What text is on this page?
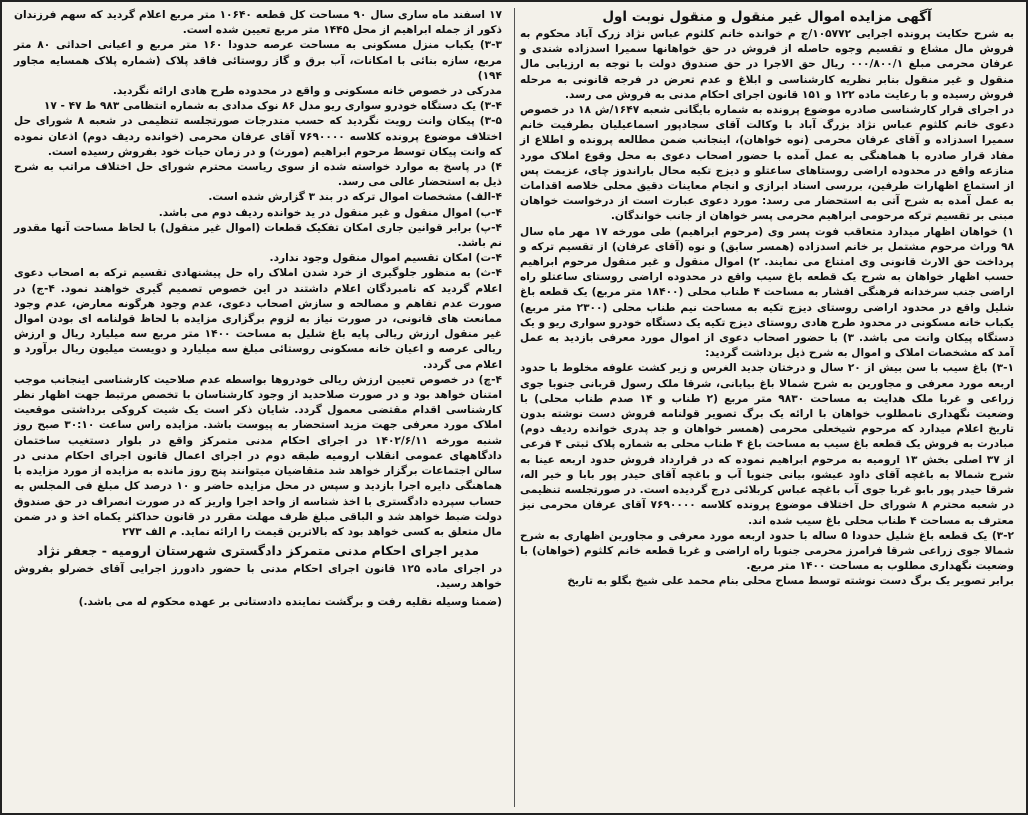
آگهی مزایده اموال غیر منقول و منقول نوبت اول

به شرح حکایت پرونده اجرایی ۱۰۵۷۷۲/ج م خوانده خانم کلثوم عباس نژاد زرک آباد محکوم به فروش مال مشاع و تقسیم وجوه حاصله از فروش در حق خواهانها سمیرا اسدزاده شندی و عرفان محرمی مبلغ ۰۰۰/۸۰۰/۱ ریال حق الاجرا در حق صندوق دولت با توجه به ارزیابی مال منقول و غیر منقول بنابر نظریه کارشناسی و ابلاغ و عدم تعرض در فرجه قانونی به مرحله فروش رسیده و با رعایت ماده ۱۲۲ و ۱۵۱ قانون اجرای احکام مدنی به فروش می رسد.

در اجرای قرار کارشناسی صادره موضوع پرونده به شماره بایگانی شعبه ۱۶۴۷/ش ۱۸ در خصوص دعوی خانم کلثوم عباس نژاد بزرگ آباد با وکالت آقای سجادپور اسماعیلیان بطرفیت خانم سمیرا اسدزاده و آقای عرفان محرمی (نوه خواهان)، اینجانب ضمن مطالعه پرونده و اطلاع از مفاد قرار صادره با هماهنگی به عمل آمده با حضور اصحاب دعوی به محل وقوع املاک مورد منازعه واقع در محدوده اراضی روستاهای ساعتلو و دیزج تکیه محال باراندوز چای، عزیمت پس از استماع اظهارات طرفین، بررسی اسناد ابرازی و انجام معاینات دقیق محلی خلاصه اقدامات به عمل آمده به شرح آتی به استحضار می رسد: مورد دعوی عبارت است از درخواست خواهان مبنی بر تقسیم ترکه مرحومی ابراهیم محرمی پسر خواهان از جانب خواندگان.

۱) خواهان اظهار میدارد متعاقب فوت پسر وی (مرحوم ابراهیم) طی مورخه ۱۷ مهر ماه سال ۹۸ وراث مرحوم مشتمل بر خانم اسدزاده (همسر سابق) و نوه (آقای عرفان) از تقسیم ترکه و پرداخت حق الارث قانونی وی امتناع می نمایند. ۲) اموال منقول و غیر منقول مرحوم ابراهیم حسب اظهار خواهان به شرح یک قطعه باغ سیب واقع در محدوده اراضی روستای ساعتلو راه اراضی جنب سرخدانه فرهنگی افشار به مساحت ۴ طناب محلی (۱۸۴۰۰ متر مربع) یک قطعه باغ شلیل واقع در محدود اراضی روستای دیزج تکیه به مساحت نیم طناب محلی (۲۳۰۰ متر مربع) یکباب خانه مسکونی در محدود طرح هادی روستای دیزج تکیه یک دستگاه خودرو سواری ریو و یک دستگاه پیکان وانت می باشد. ۳) با حضور اصحاب دعوی از اموال مورد معرفی بازدید به عمل آمد که مشخصات املاک و اموال به شرح ذیل برداشت گردید:

۳-۱) باغ سیب با سن بیش از ۲۰ سال و درختان جدید الغرس و زیر کشت علوفه مخلوط با حدود اربعه مورد معرفی و مجاورین به شرح شمالا باغ بیابانی، شرقا ملک رسول قربانی جنوبا جوی زراعی و غربا ملک هدایت به مساحت ۹۸۳۰ متر مربع (۲ طناب و ۱۴ صدم طناب محلی) با وضعیت نگهداری نامطلوب خواهان با ارائه یک برگ تصویر قولنامه فروش دست نوشته بدون تاریخ اعلام میدارد که مرحوم شیخعلی محرمی (همسر خواهان و جد پدری خوانده ردیف دوم) مبادرت به فروش یک قطعه باغ سیب به مساحت باغ ۴ طناب محلی به شماره پلاک ثبتی ۴ فرعی از ۳۷ اصلی بخش ۱۳ ارومیه به مرحوم ابراهیم نموده که در قرارداد فروش حدود اربعه عینا به شرح شمالا به باغچه آقای داود عیشو، بیانی جنوبا آب و باغچه آقای حیدر پور بابا و خیر اله، شرقا حیدر پور بابو غربا جوی آب باغچه عباس کربلائی درج گردیده است. در صورتجلسه تنظیمی در شعبه محترم ۸ شورای حل اختلاف موضوع پرونده کلاسه ۷۶۹۰۰۰۰ آقای عرفان محرمی نیز معترف به مساحت ۴ طناب محلی باغ سیب شده اند.

۳-۲) یک قطعه باغ شلیل حدودا ۵ ساله با حدود اربعه مورد معرفی و مجاورین اظهاری به شرح شمالا جوی زراعی شرقا فرامرز محرمی جنوبا راه اراضی و غربا قطعه خانم کلثوم (خواهان) با وضعیت نگهداری مطلوب به مساحت ۱۴۰۰ متر مربع.

برابر تصویر یک برگ دست نوشته توسط مساح محلی بنام محمد علی شیخ بگلو به تاریخ

۱۷ اسفند ماه ساری سال ۹۰ مساحت کل قطعه ۱۰۶۴۰ متر مربع اعلام گردید که سهم فرزندان ذکور از جمله ابراهیم از محل ۱۴۴۵ متر مربع تعیین شده است.

۳-۳) یکباب منزل مسکونی به مساحت عرصه حدودا ۱۶۰ متر مربع و اعیانی احداثی ۸۰ متر مربع، سازه بنائی با امکانات، آب برق و گاز روستائی فاقد پلاک (شماره پلاک همسایه مجاور ۱۹۴)

مدرکی در خصوص خانه مسکونی و واقع در محدوده طرح هادی ارائه نگردید.

۳-۴) یک دستگاه خودرو سواری ریو مدل ۸۶ نوک مدادی به شماره انتظامی ۹۸۳ ط ۴۷ - ۱۷

۳-۵) پیکان وانت رویت نگردید که حسب مندرجات صورتجلسه تنظیمی در شعبه ۸ شورای حل اختلاف موضوع پرونده کلاسه ۷۶۹۰۰۰۰ آقای عرفان محرمی (خوانده ردیف دوم) اذعان نموده که وانت پیکان توسط مرحوم ابراهیم (مورث) و در زمان حیات خود بفروش رسیده است.

۴) در پاسخ به موارد خواسته شده از سوی ریاست محترم شورای حل اختلاف مراتب به شرح ذیل به استحضار عالی می رسد.

۴-الف) مشخصات اموال ترکه در بند ۳ گزارش شده است.

۴-ب) اموال منقول و غیر منقول در ید خوانده ردیف دوم می باشد.

۴-پ) برابر قوانین جاری امکان تفکیک قطعات (اموال غیر منقول) با لحاظ مساحت آنها مقدور نم باشد.

۴-ت) امکان تقسیم اموال منقول وجود ندارد.

۴-ث) به منظور جلوگیری از خرد شدن املاک راه حل پیشنهادی تقسیم ترکه به اصحاب دعوی اعلام گردید که نامبردگان اعلام داشتند در این خصوص تصمیم گیری خواهند نمود. ۴-ج) در صورت عدم تفاهم و مصالحه و سازش اصحاب دعوی، عدم وجود هرگونه معارض، عدم وجود ممانعت های قانونی، در صورت نیاز به لزوم برگزاری مزایده با لحاظ قولنامه ای بودن اموال غیر منقول ارزش ریالی پایه باغ شلیل به مساحت ۱۴۰۰ متر مربع سه میلیارد ریال و ارزش ریالی عرصه و اعیان خانه مسکونی روستائی مبلغ سه میلیارد و دویست میلیون ریال برآورد و اعلام می گردد.

۴-چ) در خصوص تعیین ارزش ریالی خودروها بواسطه عدم صلاحیت کارشناسی اینجانب موجب امتنان خواهد بود و در صورت صلاحدید از وجود کارشناسان با تخصص مرتبط جهت اظهار نظر کارشناسی اقدام مقتضی معمول گردد. شایان ذکر است یک شیت کروکی برداشتی موقعیت املاک مورد معرفی جهت مزید استحضار به پیوست باشد. مزایده راس ساعت ۳۰:۱۰ صبح روز شنبه مورخه ۱۴۰۲/۶/۱۱ در اجرای احکام مدنی متمرکز واقع در بلوار دستغیب ساختمان دادگاههای عمومی انقلاب ارومیه طبقه دوم در اجرای اعمال قانون اجرای احکام مدنی در سالن اجتماعات برگزار خواهد شد متقاضیان میتوانند پنج روز مانده به مزایده از مورد مزایده با هماهنگی دایره اجرا بازدید و سپس در محل مزایده حاضر و ۱۰ درصد کل مبلغ فی المجلس به حساب سپرده دادگستری با اخذ شناسه از واحد اجرا واریز که در صورت انصراف در حق صندوق دولت ضبط خواهد شد و الباقی مبلغ ظرف مهلت مقرر در قانون حداکثر یکماه اخذ و در ضمن مال متعلق به کسی خواهد بود که بالاترین قیمت را ارائه نماید. م الف ۲۷۳

مدیر اجرای احکام مدنی متمرکز دادگستری شهرستان ارومیه - جعفر نژاد

در اجرای ماده ۱۲۵ قانون اجرای احکام مدنی با حضور دادورز اجرایی آقای خضرلو بفروش خواهد رسید.

(ضمنا وسیله نقلیه رفت و برگشت نماینده دادستانی بر عهده محکوم له می باشد.)
